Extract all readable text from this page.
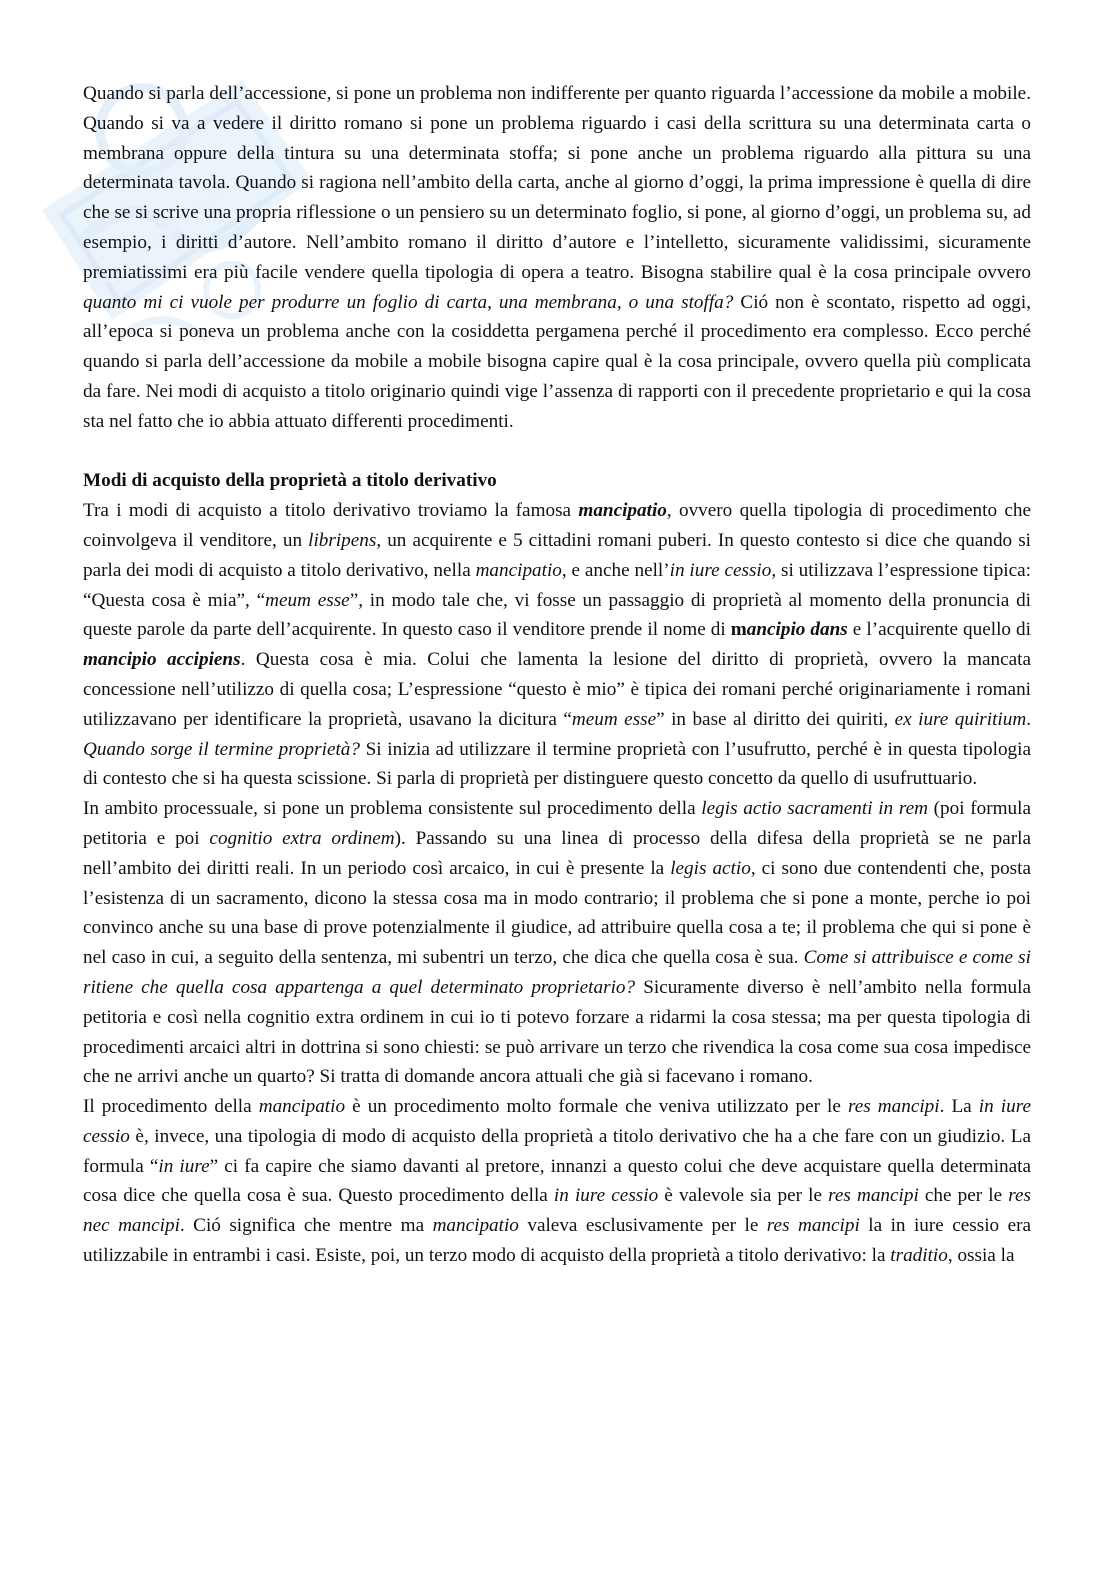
Quando si parla dell’accessione, si pone un problema non indifferente per quanto riguarda l’accessione da mobile a mobile. Quando si va a vedere il diritto romano si pone un problema riguardo i casi della scrittura su una determinata carta o membrana oppure della tintura su una determinata stoffa; si pone anche un problema riguardo alla pittura su una determinata tavola. Quando si ragiona nell’ambito della carta, anche al giorno d’oggi, la prima impressione è quella di dire che se si scrive una propria riflessione o un pensiero su un determinato foglio, si pone, al giorno d’oggi, un problema su, ad esempio, i diritti d’autore. Nell’ambito romano il diritto d’autore e l’intelletto, sicuramente validissimi, sicuramente premiatissimi era più facile vendere quella tipologia di opera a teatro. Bisogna stabilire qual è la cosa principale ovvero quanto mi ci vuole per produrre un foglio di carta, una membrana, o una stoffa? Ció non è scontato, rispetto ad oggi, all’epoca si poneva un problema anche con la cosiddetta pergamena perché il procedimento era complesso. Ecco perché quando si parla dell’accessione da mobile a mobile bisogna capire qual è la cosa principale, ovvero quella più complicata da fare. Nei modi di acquisto a titolo originario quindi vige l’assenza di rapporti con il precedente proprietario e qui la cosa sta nel fatto che io abbia attuato differenti procedimenti.

Modi di acquisto della proprietà a titolo derivativo

Tra i modi di acquisto a titolo derivativo troviamo la famosa mancipatio, ovvero quella tipologia di procedimento che coinvolgeva il venditore, un libripens, un acquirente e 5 cittadini romani puberi. In questo contesto si dice che quando si parla dei modi di acquisto a titolo derivativo, nella mancipatio, e anche nell’in iure cessio, si utilizzava l’espressione tipica: “Questa cosa è mia”, “meum esse”, in modo tale che, vi fosse un passaggio di proprietà al momento della pronuncia di queste parole da parte dell’acquirente. In questo caso il venditore prende il nome di mancipio dans e l’acquirente quello di mancipio accipiens. Questa cosa è mia. Colui che lamenta la lesione del diritto di proprietà, ovvero la mancata concessione nell’utilizzo di quella cosa; L’espressione “questo è mio” è tipica dei romani perché originariamente i romani utilizzavano per identificare la proprietà, usavano la dicitura “meum esse” in base al diritto dei quiriti, ex iure quiritium. Quando sorge il termine proprietà? Si inizia ad utilizzare il termine proprietà con l’usufrutto, perché è in questa tipologia di contesto che si ha questa scissione. Si parla di proprietà per distinguere questo concetto da quello di usufruttuario.

In ambito processuale, si pone un problema consistente sul procedimento della legis actio sacramenti in rem (poi formula petitoria e poi cognitio extra ordinem). Passando su una linea di processo della difesa della proprietà se ne parla nell’ambito dei diritti reali. In un periodo così arcaico, in cui è presente la legis actio, ci sono due contendenti che, posta l’esistenza di un sacramento, dicono la stessa cosa ma in modo contrario; il problema che si pone a monte, perche io poi convinco anche su una base di prove potenzialmente il giudice, ad attribuire quella cosa a te; il problema che qui si pone è nel caso in cui, a seguito della sentenza, mi subentri un terzo, che dica che quella cosa è sua. Come si attribuisce e come si ritiene che quella cosa appartenga a quel determinato proprietario? Sicuramente diverso è nell’ambito nella formula petitoria e così nella cognitio extra ordinem in cui io ti potevo forzare a ridarmi la cosa stessa; ma per questa tipologia di procedimenti arcaici altri in dottrina si sono chiesti: se può arrivare un terzo che rivendica la cosa come sua cosa impedisce che ne arrivi anche un quarto? Si tratta di domande ancora attuali che già si facevano i romano.

Il procedimento della mancipatio è un procedimento molto formale che veniva utilizzato per le res mancipi. La in iure cessio è, invece, una tipologia di modo di acquisto della proprietà a titolo derivativo che ha a che fare con un giudizio. La formula “in iure” ci fa capire che siamo davanti al pretore, innanzi a questo colui che deve acquistare quella determinata cosa dice che quella cosa è sua. Questo procedimento della in iure cessio è valevole sia per le res mancipi che per le res nec mancipi. Ció significa che mentre ma mancipatio valeva esclusivamente per le res mancipi la in iure cessio era utilizzabile in entrambi i casi. Esiste, poi, un terzo modo di acquisto della proprietà a titolo derivativo: la traditio, ossia la
